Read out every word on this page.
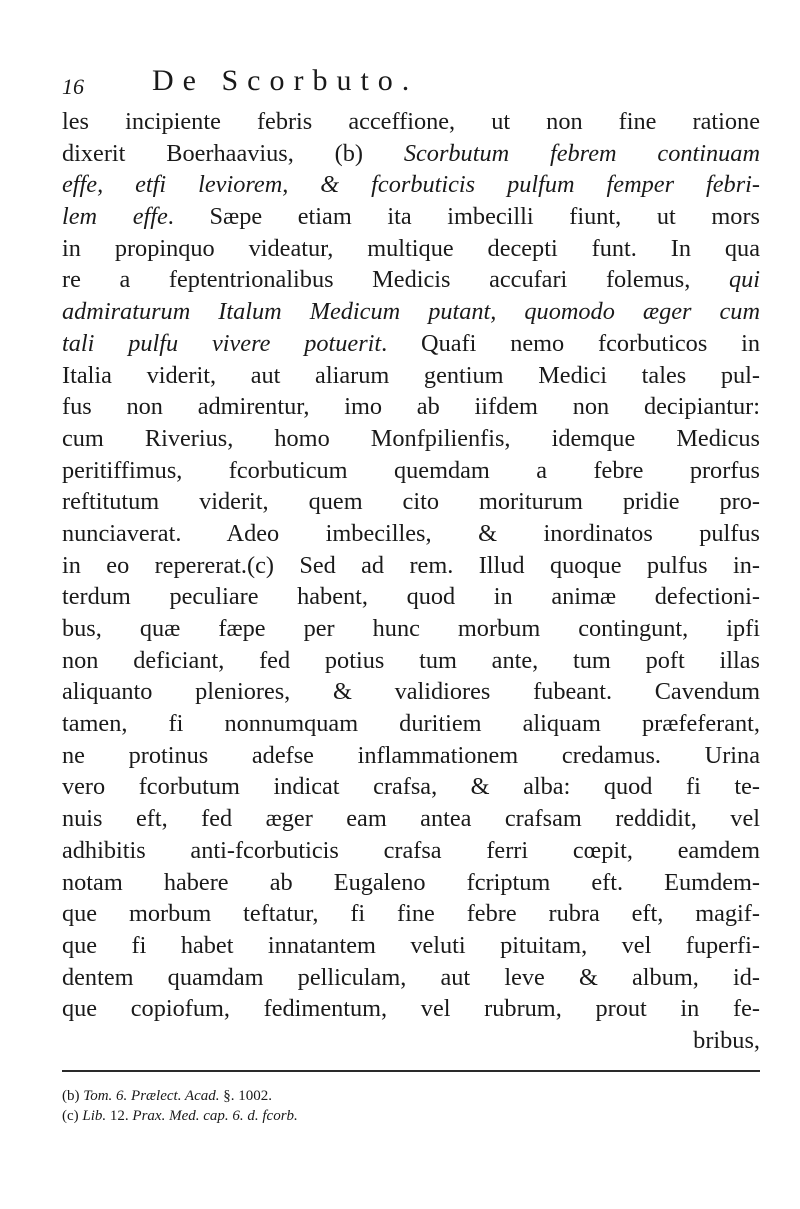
16 De Scorbuto.
les incipiente febris acceffione, ut non fine ratione
dixerit Boerhaavius, (b) Scorbutum febrem continuam
effe, etfi leviorem, & fcorbuticis pulfum femper febri-
lem effe. Sæpe etiam ita imbecilli fiunt, ut mors
in propinquo videatur, multique decepti funt. In qua
re a feptentrionalibus Medicis accufari folemus, qui
admiraturum Italum Medicum putant, quomodo æger cum
tali pulfu vivere potuerit. Quafi nemo fcorbuticos in
Italia viderit, aut aliarum gentium Medici tales pul-
fus non admirentur, imo ab iifdem non decipiantur:
cum Riverius, homo Monfpilienfis, idemque Medicus
peritiffimus, fcorbuticum quemdam a febre prorfus
reftitutum viderit, quem cito moriturum pridie pro-
nunciaverat. Adeo imbecilles, & inordinatos pulfus
in eo repererat.(c) Sed ad rem. Illud quoque pulfus in-
terdum peculiare habent, quod in animæ defectioni-
bus, quæ fæpe per hunc morbum contingunt, ipfi
non deficiant, fed potius tum ante, tum poft illas
aliquanto pleniores, & validiores fubeant. Cavendum
tamen, fi nonnumquam duritiem aliquam præfeferant,
ne protinus adefse inflammationem credamus. Urina
vero fcorbutum indicat crafsa, & alba: quod fi te-
nuis eft, fed æger eam antea crafsam reddidit, vel
adhibitis anti-fcorbuticis crafsa ferri cœpit, eamdem
notam habere ab Eugaleno fcriptum eft. Eumdem-
que morbum teftatur, fi fine febre rubra eft, magif-
que fi habet innatantem veluti pituitam, vel fuperfi-
dentem quamdam pelliculam, aut leve & album, id-
que copiofum, fedimentum, vel rubrum, prout in fe-
bribus,
(b) Tom. 6. Prælect. Acad. §. 1002.
(c) Lib. 12. Prax. Med. cap. 6. d. fcorb.
